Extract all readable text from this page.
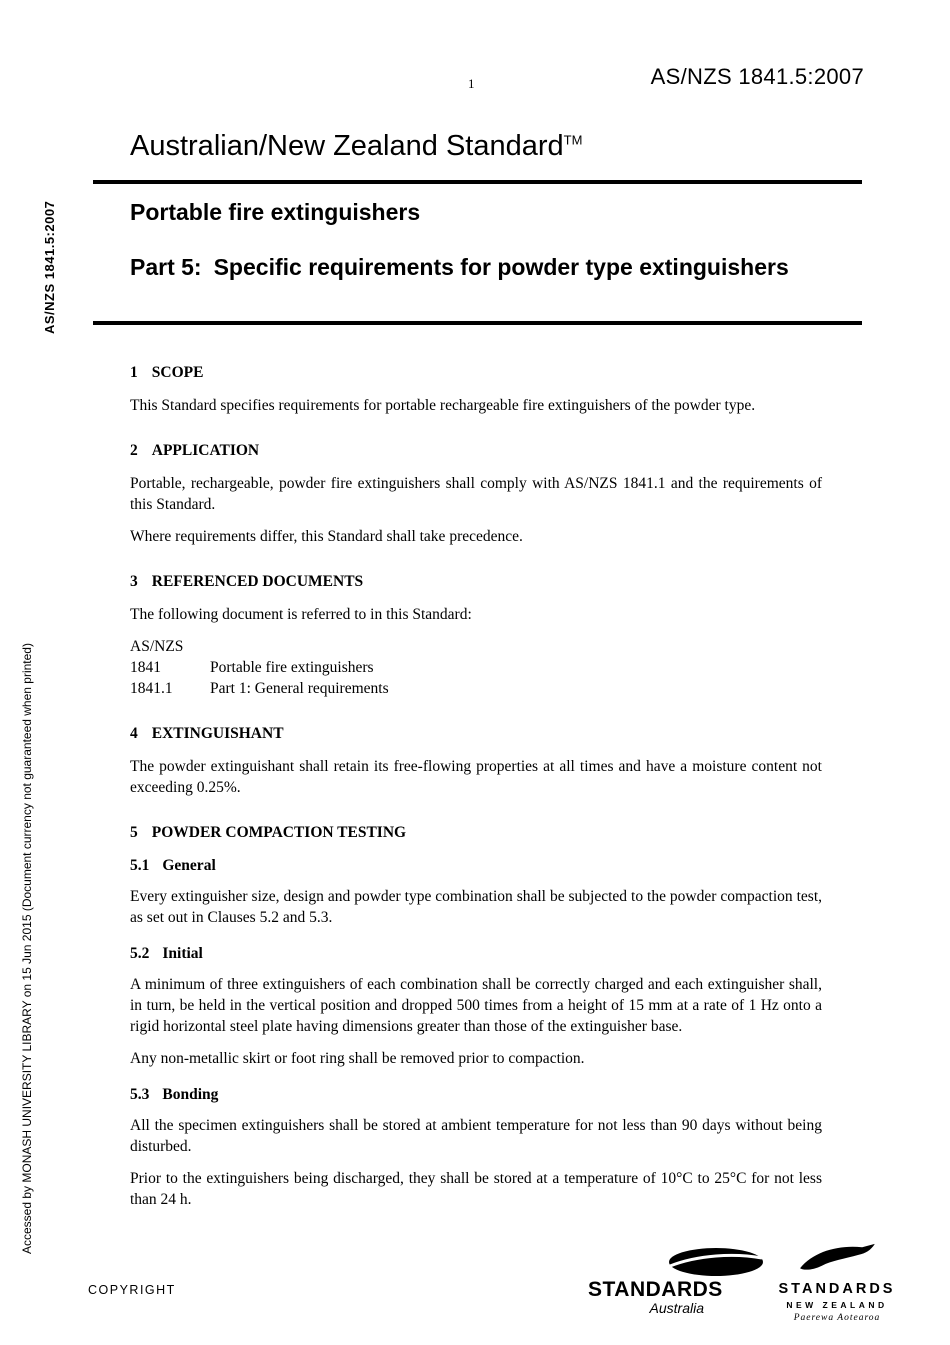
1	AS/NZS 1841.5:2007
AS/NZS 1841.5:2007
Accessed by MONASH UNIVERSITY LIBRARY on 15 Jun 2015 (Document currency not guaranteed when printed)
Australian/New Zealand Standard™
Portable fire extinguishers
Part 5: Specific requirements for powder type extinguishers
1 SCOPE

This Standard specifies requirements for portable rechargeable fire extinguishers of the powder type.

2 APPLICATION

Portable, rechargeable, powder fire extinguishers shall comply with AS/NZS 1841.1 and the requirements of this Standard.

Where requirements differ, this Standard shall take precedence.

3 REFERENCED DOCUMENTS

The following document is referred to in this Standard:

AS/NZS
1841	Portable fire extinguishers
1841.1	Part 1: General requirements
4 EXTINGUISHANT

The powder extinguishant shall retain its free-flowing properties at all times and have a moisture content not exceeding 0.25%.

5 POWDER COMPACTION TESTING
5.1 General

Every extinguisher size, design and powder type combination shall be subjected to the powder compaction test, as set out in Clauses 5.2 and 5.3.

5.2 Initial

A minimum of three extinguishers of each combination shall be correctly charged and each extinguisher shall, in turn, be held in the vertical position and dropped 500 times from a height of 15 mm at a rate of 1 Hz onto a rigid horizontal steel plate having dimensions greater than those of the extinguisher base.

Any non-metallic skirt or foot ring shall be removed prior to compaction.

5.3 Bonding

All the specimen extinguishers shall be stored at ambient temperature for not less than 90 days without being disturbed.

Prior to the extinguishers being discharged, they shall be stored at a temperature of 10°C to 25°C for not less than 24 h.

COPYRIGHT	STANDARDS
Australia
STANDARDS
NEW ZEALAND
Paerewa Aotearoa
